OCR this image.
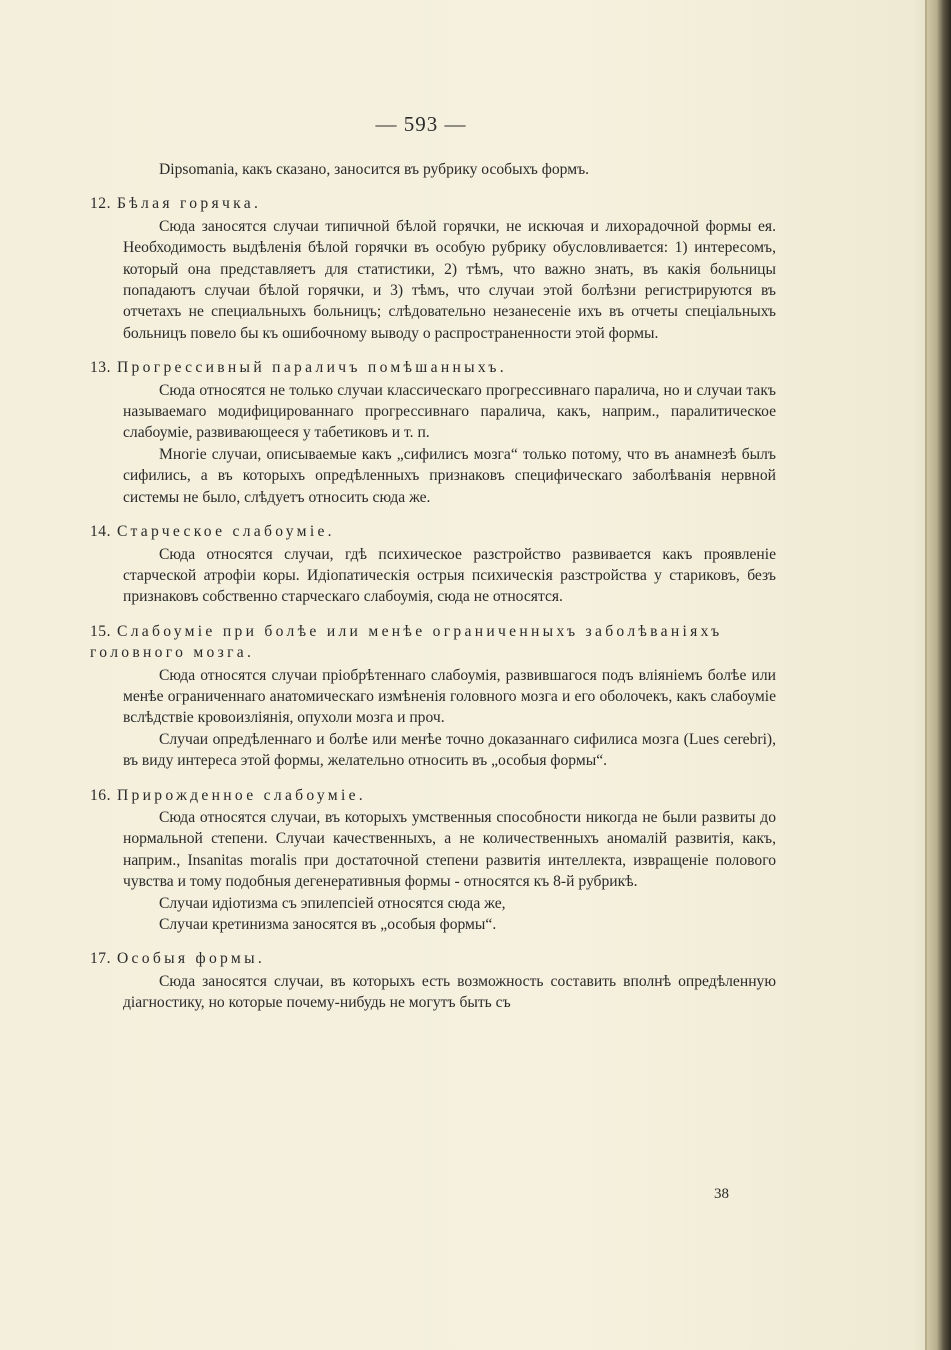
— 593 —

Dipsomania, какъ сказано, заносится въ рубрику особыхъ формъ.

12. Бѣлая горячка.

Сюда заносятся случаи типичной бѣлой горячки, не искючая и лихорадочной формы ея. Необходимость выдѣленія бѣлой горячки въ особую рубрику обусловливается: 1) интересомъ, который она представляетъ для статистики, 2) тѣмъ, что важно знать, въ какія больницы попадаютъ случаи бѣлой горячки, и 3) тѣмъ, что случаи этой болѣзни регистрируются въ отчетахъ не специальныхъ больницъ; слѣдовательно незанесеніе ихъ въ отчеты спеціальныхъ больницъ повело бы къ ошибочному выводу о распространенности этой формы.

13. Прогрессивный параличъ помѣшанныхъ.

Сюда относятся не только случаи классическаго прогрессивнаго паралича, но и случаи такъ называемаго модифицированнаго прогрессивнаго паралича, какъ, наприм., паралитическое слабоуміе, развивающееся у табетиковъ и т. п.

Многіе случаи, описываемые какъ „сифилисъ мозга“ только потому, что въ анамнезѣ былъ сифились, а въ которыхъ опредѣленныхъ признаковъ специфическаго заболѣванія нервной системы не было, слѣдуетъ относить сюда же.

14. Старческое слабоуміе.

Сюда относятся случаи, гдѣ психическое разстройство развивается какъ проявленіе старческой атрофіи коры. Идіопатическія острыя психическія разстройства у стариковъ, безъ признаковъ собственно старческаго слабоумія, сюда не относятся.

15. Слабоуміе при болѣе или менѣе ограниченныхъ заболѣваніяхъ головного мозга.

Сюда относятся случаи пріобрѣтеннаго слабоумія, развившагося подъ вліяніемъ болѣе или менѣе ограниченнаго анатомическаго измѣненія головного мозга и его оболочекъ, какъ слабоуміе вслѣдствіе кровоизліянія, опухоли мозга и проч.

Случаи опредѣленнаго и болѣе или менѣе точно доказаннаго сифилиса мозга (Lues cerebri), въ виду интереса этой формы, желательно относить въ „особыя формы“.

16. Прирожденное слабоуміе.

Сюда относятся случаи, въ которыхъ умственныя способности никогда не были развиты до нормальной степени. Случаи качественныхъ, а не количественныхъ аномалій развитія, какъ, наприм., Insanitas moralis при достаточной степени развитія интеллекта, извращеніе полового чувства и тому подобныя дегенеративныя формы - относятся къ 8-й рубрикѣ.

Случаи идіотизма съ эпилепсіей относятся сюда же,

Случаи кретинизма заносятся въ „особыя формы“.

17. Особыя формы.

Сюда заносятся случаи, въ которыхъ есть возможность составить вполнѣ опредѣленную діагностику, но которые почему-нибудь не могутъ быть съ

38
